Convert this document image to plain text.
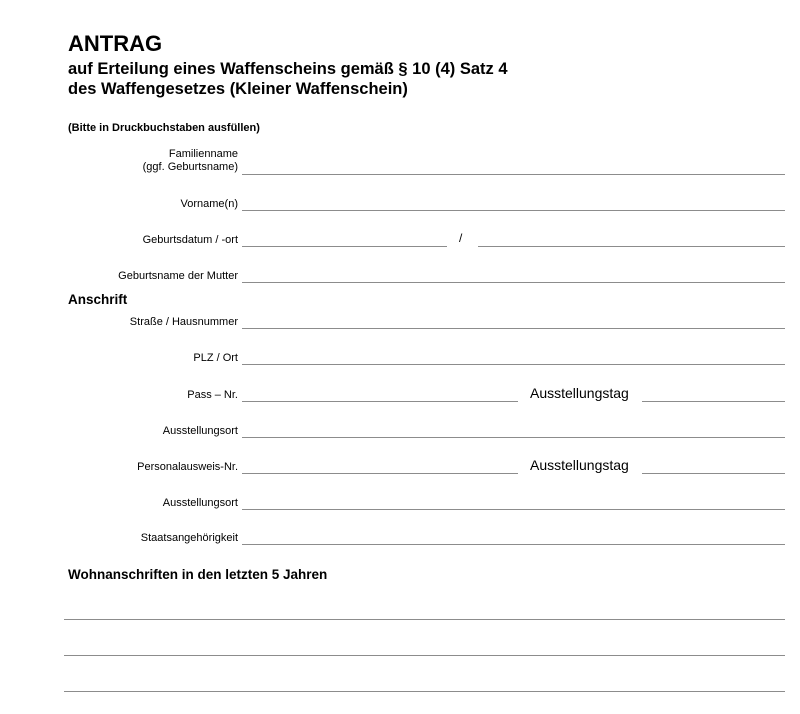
ANTRAG
auf Erteilung eines Waffenscheins gemäß § 10 (4) Satz 4
des Waffengesetzes (Kleiner Waffenschein)
(Bitte in Druckbuchstaben ausfüllen)
Familienname
(ggf. Geburtsname)
Vorname(n)
Geburtsdatum / -ort	/
Geburtsname der Mutter
Anschrift
Straße / Hausnummer
PLZ / Ort
Pass – Nr.	Ausstellungstag
Ausstellungsort
Personalausweis-Nr.	Ausstellungstag
Ausstellungsort
Staatsangehörigkeit
Wohnanschriften in den letzten 5 Jahren
